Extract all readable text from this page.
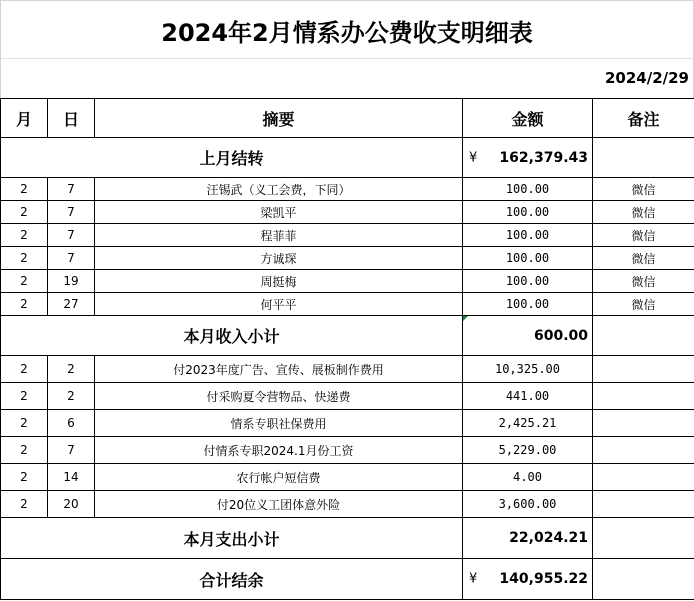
2024年2月情系办公费收支明细表
2024/2/29
月	日	摘要	金额	备注
上月结转			¥ 162,379.43	

2	7	汪锡武（义工会费，下同）	100.00	微信
2	7	梁凯平	100.00	微信
2	7	程菲菲	100.00	微信
2	7	方诚琛	100.00	微信
2	19	周挺梅	100.00	微信
2	27	何平平	100.00	微信
本月收入小计			600.00	

2	2	付2023年度广告、宣传、展板制作费用	10,325.00	
2	2	付采购夏令营物品、快递费	441.00	
2	6	情系专职社保费用	2,425.21	
2	7	付情系专职2024.1月份工资	5,229.00	
2	14	农行帐户短信费	4.00	
2	20	付20位义工团体意外险	3,600.00	
本月支出小计			22,024.21	
合计结余			¥ 140,955.22	
